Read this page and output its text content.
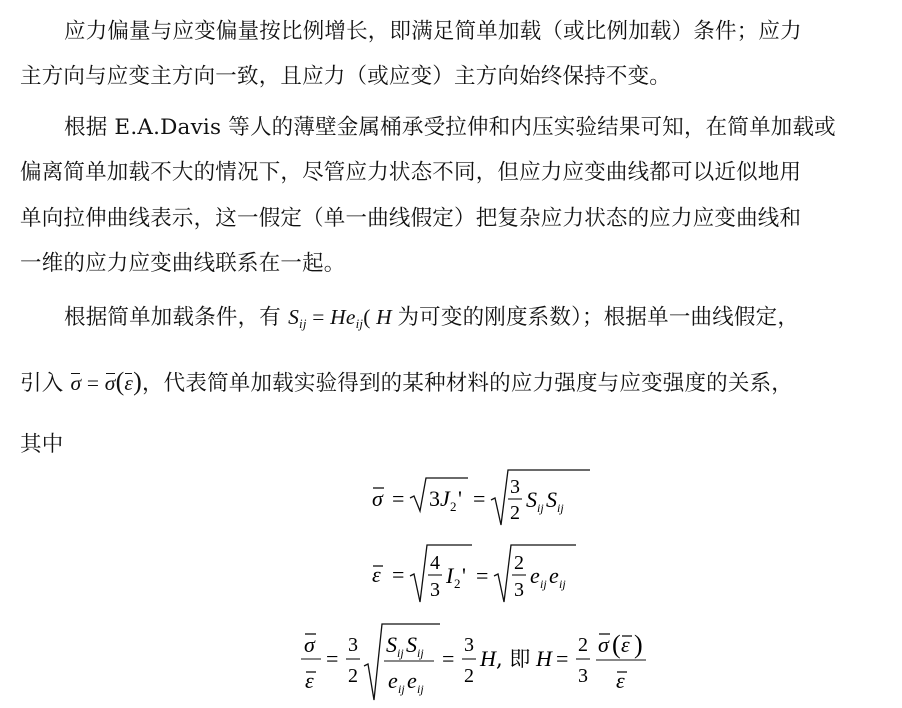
应力偏量与应变偏量按比例增长，即满足简单加载（或比例加载）条件；应力
主方向与应变主方向一致，且应力（或应变）主方向始终保持不变。
根据 E.A.Davis 等人的薄壁金属桶承受拉伸和内压实验结果可知，在简单加载或
偏离简单加载不大的情况下，尽管应力状态不同，但应力应变曲线都可以近似地用
单向拉伸曲线表示，这一假定（单一曲线假定）把复杂应力状态的应力应变曲线和
一维的应力应变曲线联系在一起。
根据简单加载条件，有 $S_{ij} = He_{ij}$( H 为可变的刚度系数）；根据单一曲线假定，
引入 σ = σ(ε)，代表简单加载实验得到的某种材料的应力强度与应变强度的关系，
其中
σ = 3 J 2 ' = 3
2
S ij S ij
ε = 4
3
I 2 ' = 2
3
e ij e ij
σ
ε
=
3
2
S ij S ij
e ij e ij
=
3
2
H , 即 H =
2
3
σ ( ε )
ε
